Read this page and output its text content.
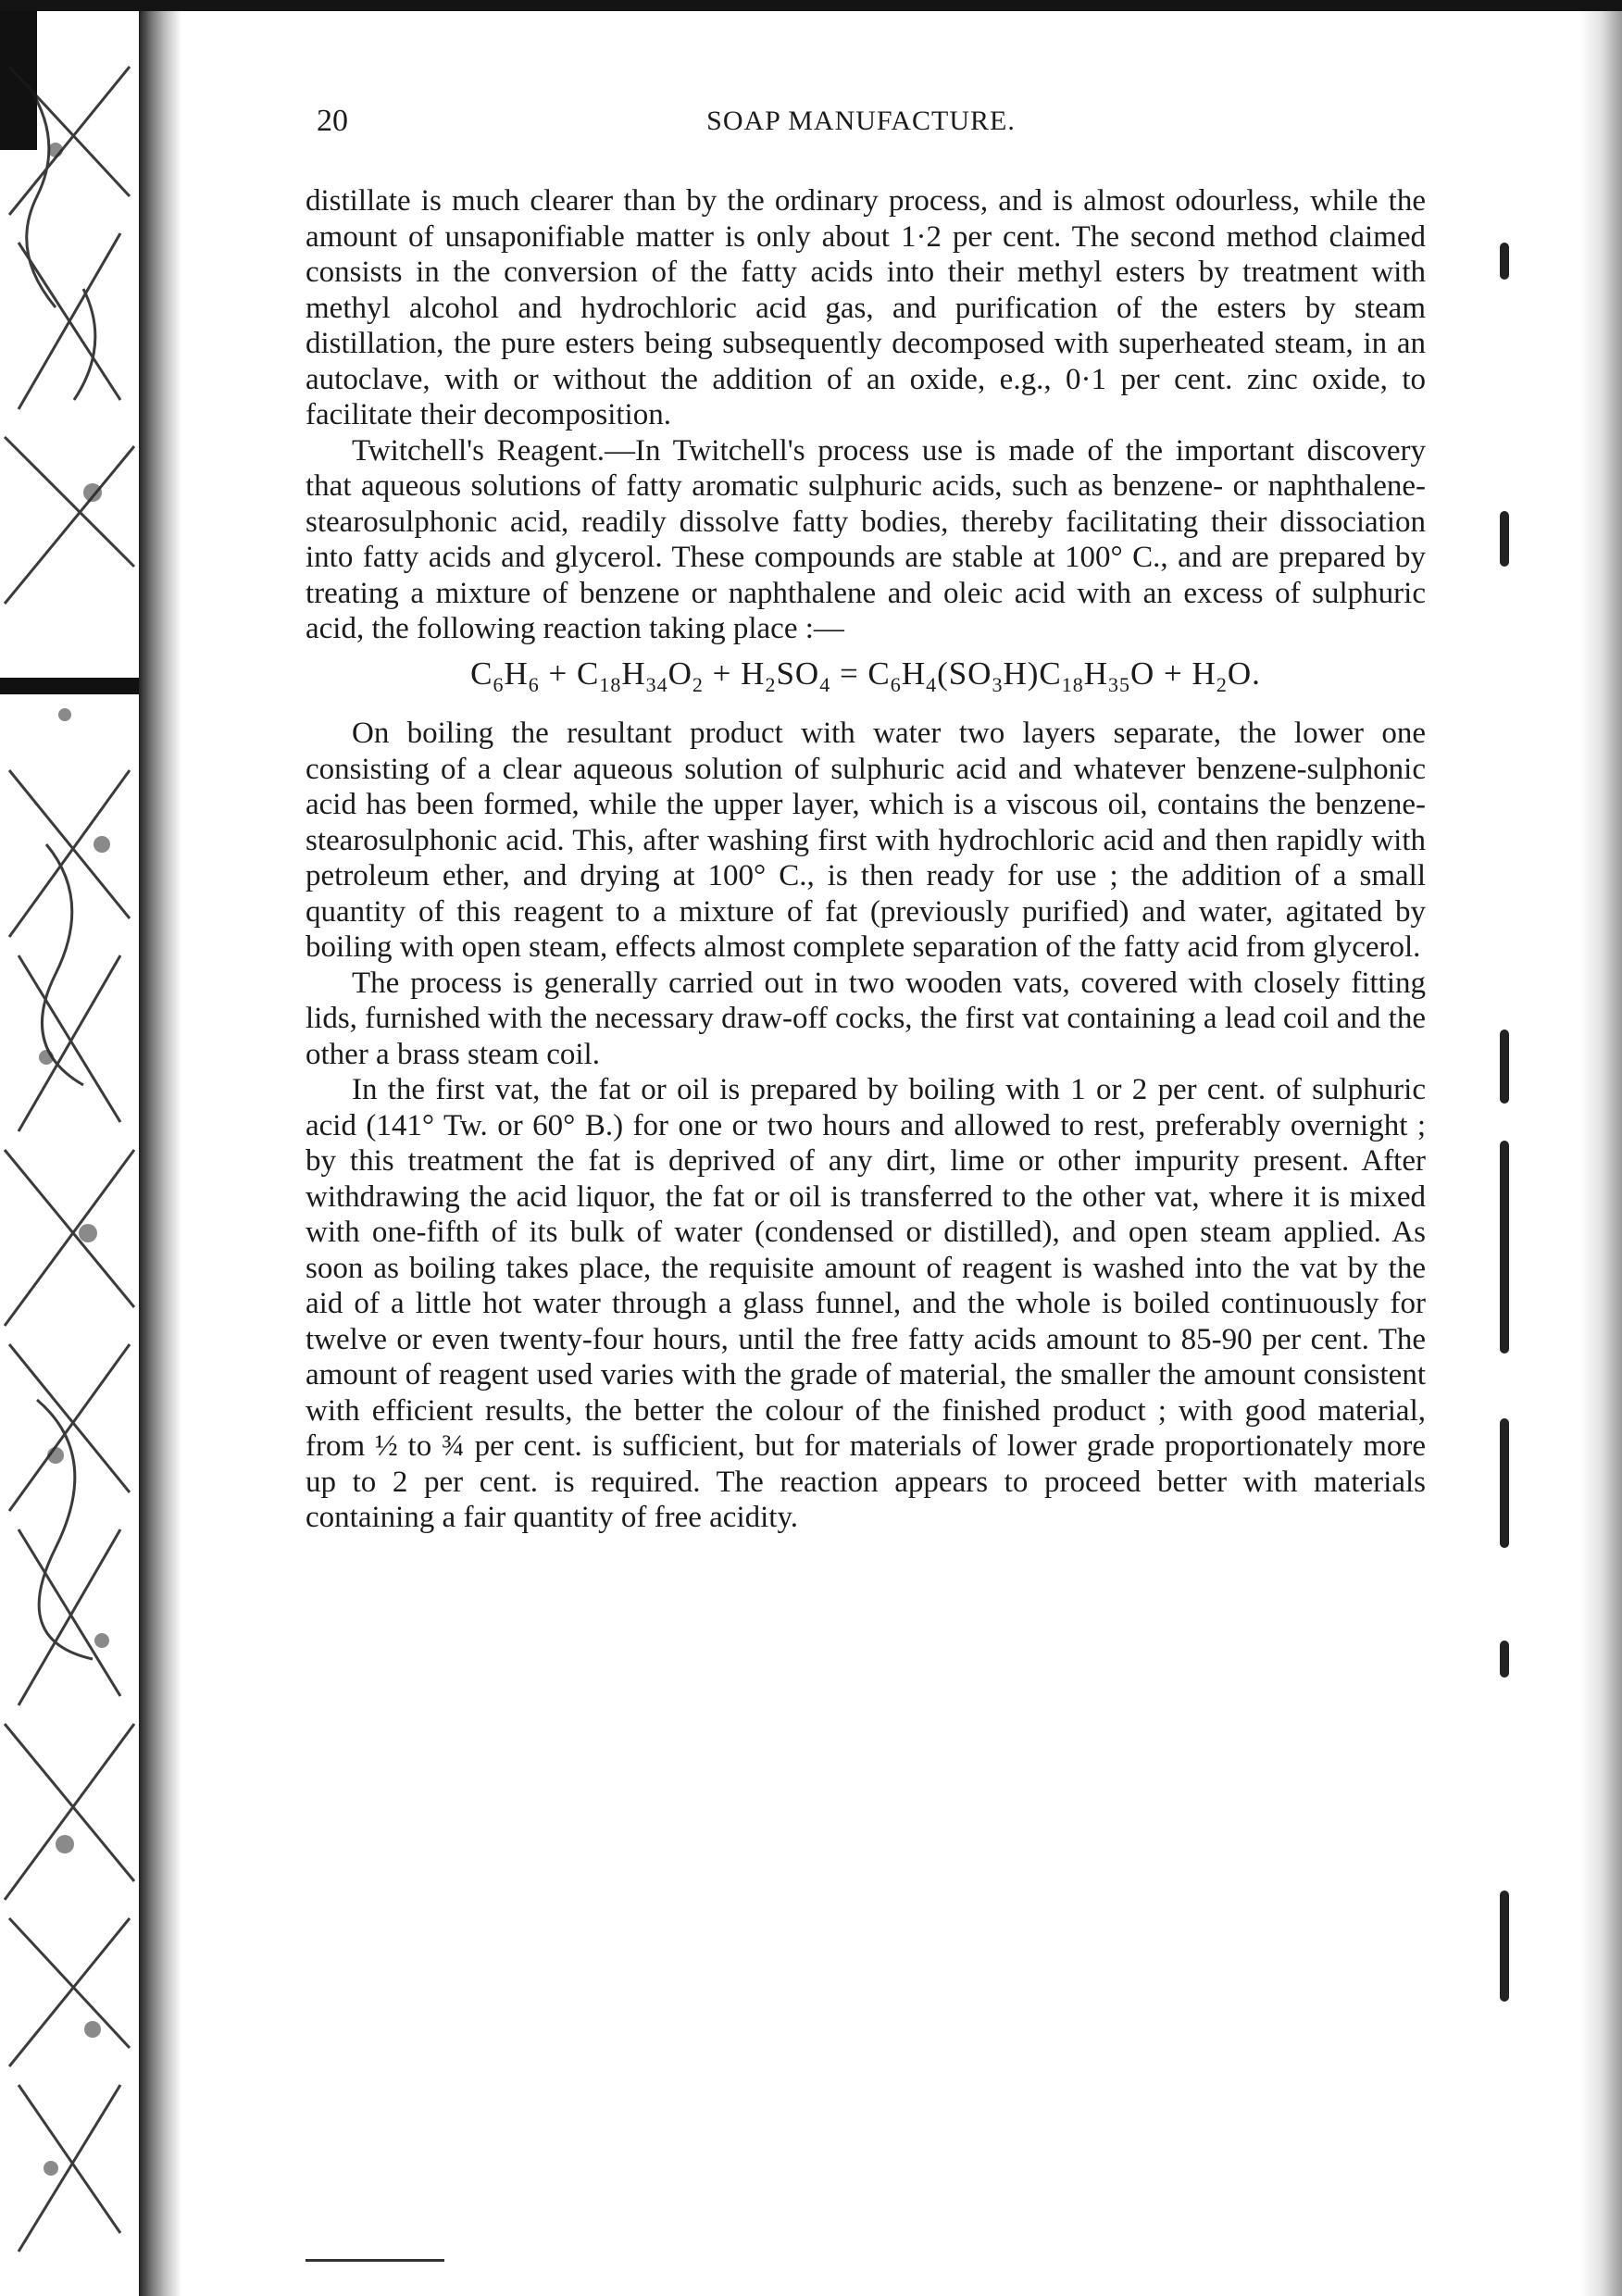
20	SOAP MANUFACTURE.

distillate is much clearer than by the ordinary process, and is almost odourless, while the amount of unsaponifiable matter is only about 1·2 per cent. The second method claimed consists in the conversion of the fatty acids into their methyl esters by treatment with methyl alcohol and hydrochloric acid gas, and purification of the esters by steam distillation, the pure esters being subsequently decomposed with superheated steam, in an autoclave, with or without the addition of an oxide, e.g., 0·1 per cent. zinc oxide, to facilitate their decomposition.

Twitchell's Reagent.—In Twitchell's process use is made of the important discovery that aqueous solutions of fatty aromatic sulphuric acids, such as benzene- or naphthalene-stearosulphonic acid, readily dissolve fatty bodies, thereby facilitating their dissociation into fatty acids and glycerol. These compounds are stable at 100° C., and are prepared by treating a mixture of benzene or naphthalene and oleic acid with an excess of sulphuric acid, the following reaction taking place :—

$C_6H_6 + C_{18}H_{34}O_2 + H_2SO_4 = C_6H_4(SO_3H)C_{18}H_{35}O + H_2O$.

On boiling the resultant product with water two layers separate, the lower one consisting of a clear aqueous solution of sulphuric acid and whatever benzene-sulphonic acid has been formed, while the upper layer, which is a viscous oil, contains the benzene-stearosulphonic acid. This, after washing first with hydrochloric acid and then rapidly with petroleum ether, and drying at 100° C., is then ready for use ; the addition of a small quantity of this reagent to a mixture of fat (previously purified) and water, agitated by boiling with open steam, effects almost complete separation of the fatty acid from glycerol.

The process is generally carried out in two wooden vats, covered with closely fitting lids, furnished with the necessary draw-off cocks, the first vat containing a lead coil and the other a brass steam coil.

In the first vat, the fat or oil is prepared by boiling with 1 or 2 per cent. of sulphuric acid (141° Tw. or 60° B.) for one or two hours and allowed to rest, preferably overnight ; by this treatment the fat is deprived of any dirt, lime or other impurity present. After withdrawing the acid liquor, the fat or oil is transferred to the other vat, where it is mixed with one-fifth of its bulk of water (condensed or distilled), and open steam applied. As soon as boiling takes place, the requisite amount of reagent is washed into the vat by the aid of a little hot water through a glass funnel, and the whole is boiled continuously for twelve or even twenty-four hours, until the free fatty acids amount to 85-90 per cent. The amount of reagent used varies with the grade of material, the smaller the amount consistent with efficient results, the better the colour of the finished product ; with good material, from ½ to ¾ per cent. is sufficient, but for materials of lower grade proportionately more up to 2 per cent. is required. The reaction appears to proceed better with materials containing a fair quantity of free acidity.
